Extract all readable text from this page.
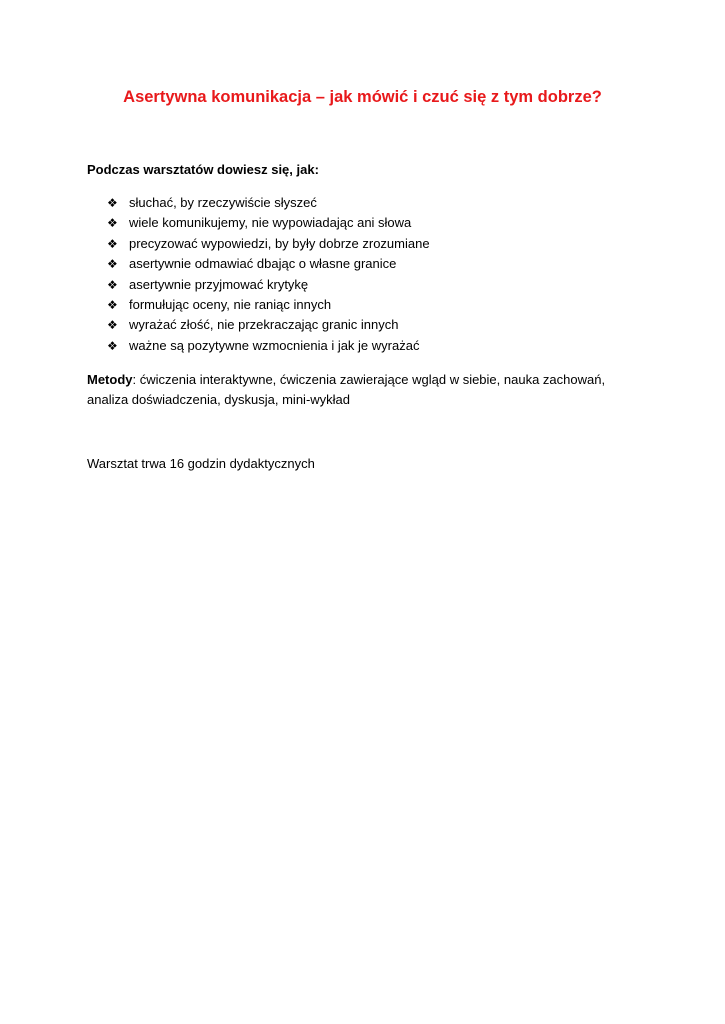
Asertywna komunikacja – jak mówić i czuć się z tym dobrze?
Podczas warsztatów dowiesz się, jak:
❖ słuchać, by rzeczywiście słyszeć
❖ wiele komunikujemy, nie wypowiadając ani słowa
❖ precyzować wypowiedzi, by były dobrze zrozumiane
❖ asertywnie odmawiać dbając o własne granice
❖ asertywnie przyjmować krytykę
❖ formułując oceny, nie raniąc innych
❖ wyrażać złość, nie przekraczając granic innych
❖ ważne są pozytywne wzmocnienia i jak je wyrażać
Metody: ćwiczenia interaktywne, ćwiczenia zawierające wgląd w siebie, nauka zachowań, analiza doświadczenia, dyskusja, mini-wykład
Warsztat trwa 16 godzin dydaktycznych
